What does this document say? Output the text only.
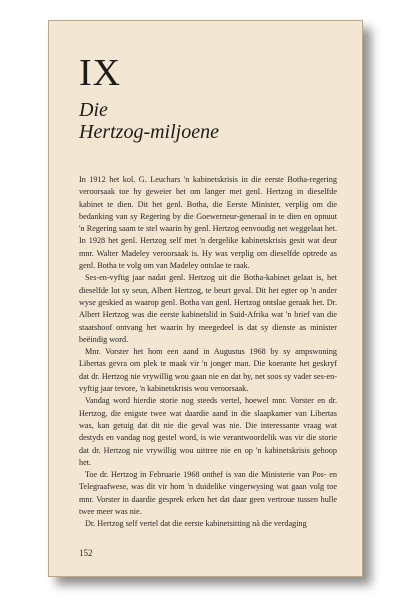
IX
Die
Hertzog-miljoene

In 1912 het kol. G. Leuchars 'n kabinetskrisis in die eerste Botha-regering veroorsaak toe hy geweier het om langer met genl. Hertzog in dieselfde kabinet te dien. Dit het genl. Botha, die Eerste Minister, verplig om die bedanking van sy Regering by die Goewerneur-generaal in te dien en opnuut 'n Regering saam te stel waarin hy genl. Hertzog eenvoudig net weggelaat het. In 1928 het genl. Hertzog self met 'n dergelike kabinetskrisis gesit wat deur mnr. Walter Madeley veroorsaak is. Hy was verplig om dieselfde optrede as genl. Botha te volg om van Madeley ontslae te raak.

Ses-en-vyftig jaar nadat genl. Hertzog uit die Botha-kabinet gelaat is, het dieselfde lot sy seun, Albert Hertzog, te beurt geval. Dit het egter op 'n ander wyse geskied as waarop genl. Botha van genl. Hertzog ontslae geraak het. Dr. Albert Hertzog was die eerste kabinetslid in Suid-Afrika wat 'n brief van die staatshoof ontvang het waarin hy meegedeel is dat sy dienste as minister beëindig word.

Mnr. Vorster het hom een aand in Augustus 1968 by sy ampswoning Libertas gevra om plek te maak vir 'n jonger man. Die koerante het geskryf dat dr. Hertzog nie vrywillig wou gaan nie en dat hy, net soos sy vader ses-en-vyftig jaar tevore, 'n kabinetskrisis wou veroorsaak.

Vandag word hierdie storie nog steeds vertel, hoewel mnr. Vorster en dr. Hertzog, die enigste twee wat daardie aand in die slaapkamer van Libertas was, kan getuig dat dit nie die geval was nie. Die interessante vraag wat destyds en vandag nog gestel word, is wie verantwoordelik was vir die storie dat dr. Hertzog nie vrywillig wou uittree nie en op 'n kabinetskrisis gehoop het.

Toe dr. Hertzog in Februarie 1968 onthef is van die Ministerie van Pos- en Telegraafwese, was dit vir hom 'n duidelike vingerwysing wat gaan volg toe mnr. Vorster in daardie gesprek erken het dat daar geen vertroue tussen hulle twee meer was nie.

Dr. Hertzog self vertel dat die eerste kabinetsitting nà die verdaging

152
